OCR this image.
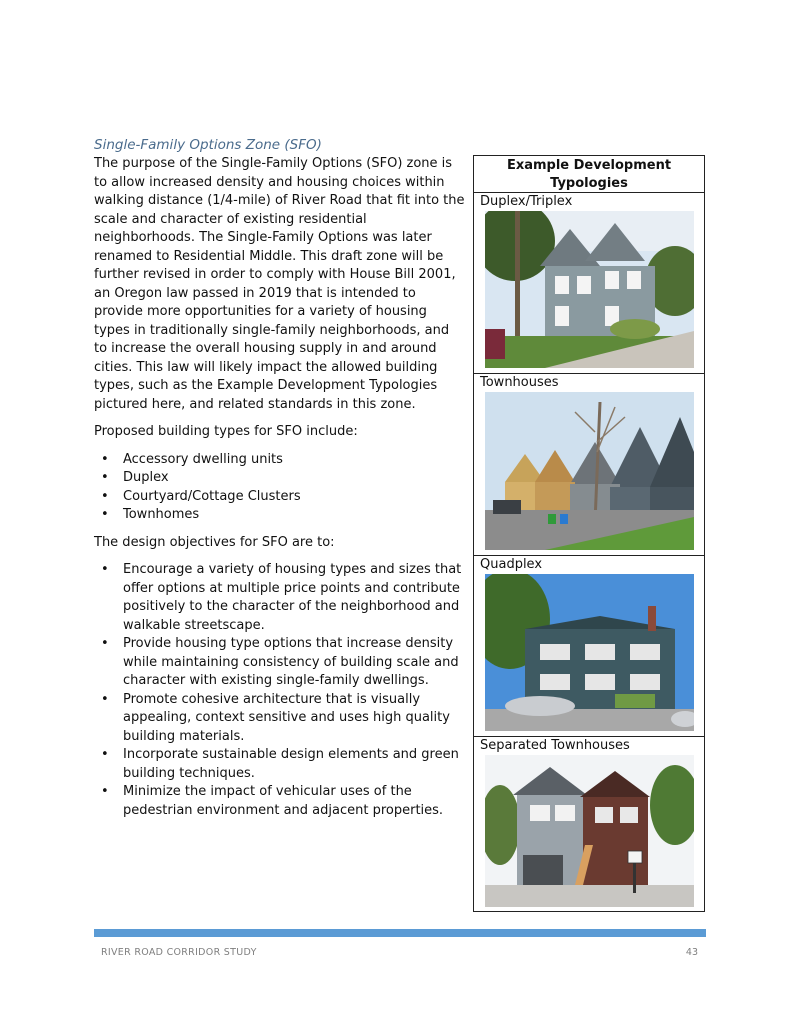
Single-Family Options Zone (SFO)

The purpose of the Single-Family Options (SFO) zone is to allow increased density and housing choices within walking distance (1/4-mile) of River Road that fit into the scale and character of existing residential neighborhoods. The Single-Family Options was later renamed to Residential Middle. This draft zone will be further revised in order to comply with House Bill 2001, an Oregon law passed in 2019 that is intended to provide more opportunities for a variety of housing types in traditionally single-family neighborhoods, and to increase the overall housing supply in and around cities. This law will likely impact the allowed building types, such as the Example Development Typologies pictured here, and related standards in this zone.

Proposed building types for SFO include:

• Accessory dwelling units
• Duplex
• Courtyard/Cottage Clusters
• Townhomes

The design objectives for SFO are to:

• Encourage a variety of housing types and sizes that offer options at multiple price points and contribute positively to the character of the neighborhood and walkable streetscape.
• Provide housing type options that increase density while maintaining consistency of building scale and character with existing single-family dwellings.
• Promote cohesive architecture that is visually appealing, context sensitive and uses high quality building materials.
• Incorporate sustainable design elements and green building techniques.
• Minimize the impact of vehicular uses of the pedestrian environment and adjacent properties.
Example Development Typologies
Duplex/Triplex
Townhouses
Quadplex
Separated Townhouses
RIVER ROAD CORRIDOR STUDY	43
